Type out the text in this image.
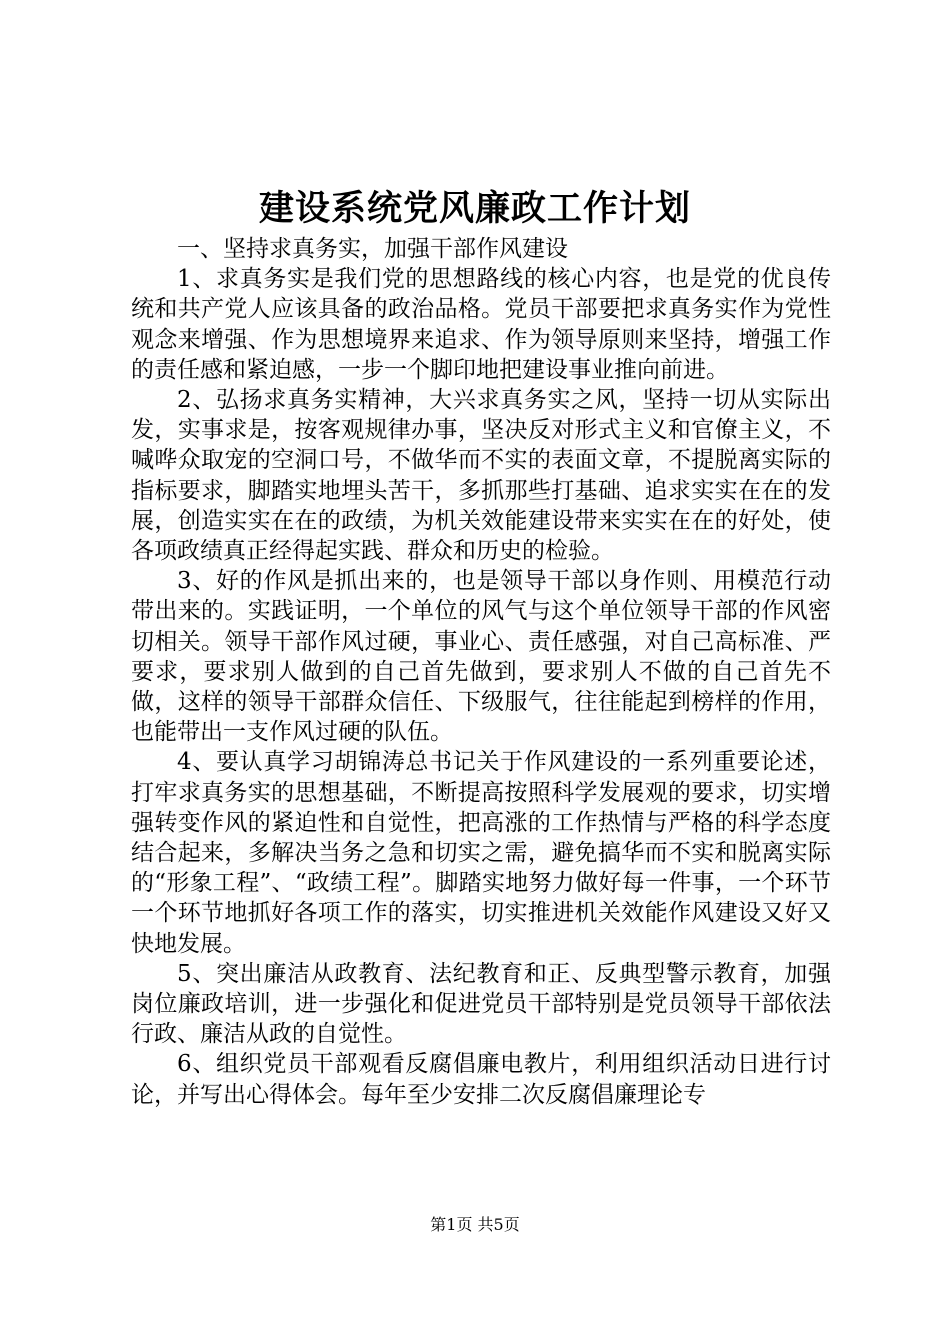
建设系统党风廉政工作计划

一、坚持求真务实，加强干部作风建设

1、求真务实是我们党的思想路线的核心内容，也是党的优良传统和共产党人应该具备的政治品格。党员干部要把求真务实作为党性观念来增强、作为思想境界来追求、作为领导原则来坚持，增强工作的责任感和紧迫感，一步一个脚印地把建设事业推向前进。

2、弘扬求真务实精神，大兴求真务实之风，坚持一切从实际出发，实事求是，按客观规律办事，坚决反对形式主义和官僚主义，不喊哗众取宠的空洞口号，不做华而不实的表面文章，不提脱离实际的指标要求，脚踏实地埋头苦干，多抓那些打基础、追求实实在在的发展，创造实实在在的政绩，为机关效能建设带来实实在在的好处，使各项政绩真正经得起实践、群众和历史的检验。

3、好的作风是抓出来的，也是领导干部以身作则、用模范行动带出来的。实践证明，一个单位的风气与这个单位领导干部的作风密切相关。领导干部作风过硬，事业心、责任感强，对自己高标准、严要求，要求别人做到的自己首先做到，要求别人不做的自己首先不做，这样的领导干部群众信任、下级服气，往往能起到榜样的作用，也能带出一支作风过硬的队伍。

4、要认真学习胡锦涛总书记关于作风建设的一系列重要论述，打牢求真务实的思想基础，不断提高按照科学发展观的要求，切实增强转变作风的紧迫性和自觉性，把高涨的工作热情与严格的科学态度结合起来，多解决当务之急和切实之需，避免搞华而不实和脱离实际的“形象工程”、“政绩工程”。脚踏实地努力做好每一件事，一个环节一个环节地抓好各项工作的落实，切实推进机关效能作风建设又好又快地发展。

5、突出廉洁从政教育、法纪教育和正、反典型警示教育，加强岗位廉政培训，进一步强化和促进党员干部特别是党员领导干部依法行政、廉洁从政的自觉性。

6、组织党员干部观看反腐倡廉电教片，利用组织活动日进行讨论，并写出心得体会。每年至少安排二次反腐倡廉理论专

第1页 共5页
